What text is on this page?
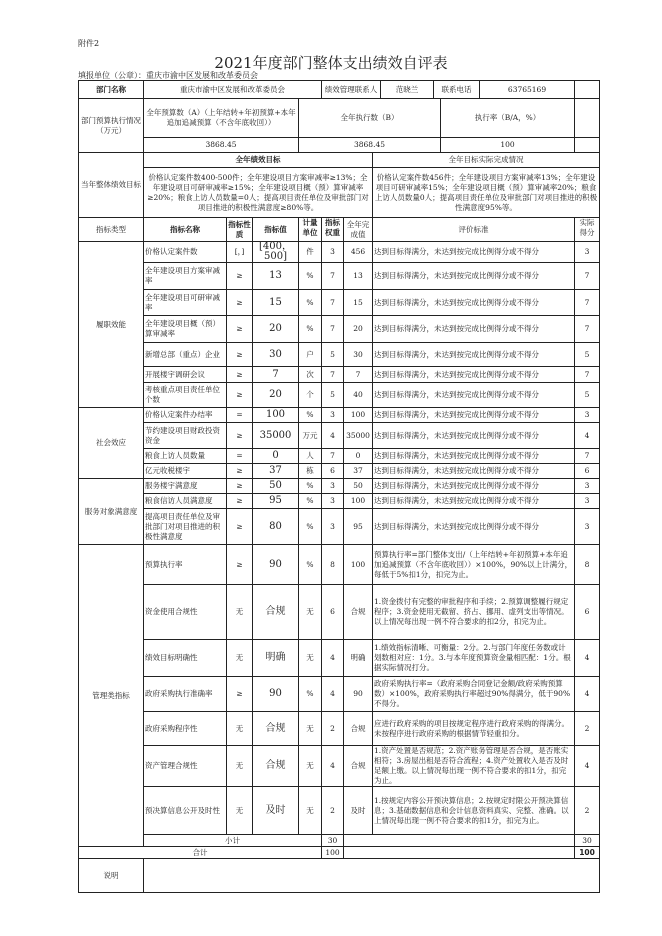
附件2
2021年度部门整体支出绩效自评表
填报单位（公章）：重庆市渝中区发展和改革委员会
部门名称	重庆市渝中区发展和改革委员会				绩效管理联系人 范晓兰 联系电话 63765169			

部门预算执行情况（万元）	全年预算数（A）（上年结转+年初预算+本年追加追减预算（不含年底收回））			全年执行数（B） 执行率（B/A，%）				

	3868.45			3868.45 100				

当年整体绩效目标	全年绩效目标						全年目标实际完成情况	
	价格认定案件数400-500件；全年建设项目方案审减率≥13%；全年建设项目可研审减率≥15%；全年建设项目概（预）算审减率≥20%；粮食上访人员数量=0人；提高项目责任单位及审批部门对项目推进的积极性满意度≥80%等。						价格认定案件数456件；全年建设项目方案审减率13%；全年建设项目可研审减率15%；全年建设项目概（预）算审减率20%；粮食上访人员数量0人；提高项目责任单位及审批部门对项目推进的积极性满意度95%等。	
指标类型	指标名称	指标性质	指标值	计量单位	指标权重	全年完成值	评价标准	实际得分
履职效能	价格认定案件数	[，]	[400，500]	件	3	456	达到目标得满分，未达到按完成比例得分或不得分	3
	全年建设项目方案审减率	≥	13	%	7	13	达到目标得满分，未达到按完成比例得分或不得分	7
	全年建设项目可研审减率	≥	15	%	7	15	达到目标得满分，未达到按完成比例得分或不得分	7
	全年建设项目概（预）算审减率	≥	20	%	7	20	达到目标得满分，未达到按完成比例得分或不得分	7
	新增总部（重点）企业	≥	30	户	5	30	达到目标得满分，未达到按完成比例得分或不得分	5
	开展楼宇调研会议	≥	7	次	7	7	达到目标得满分，未达到按完成比例得分或不得分	7
	考核重点项目责任单位个数	≥	20	个	5	40	达到目标得满分，未达到按完成比例得分或不得分	5
社会效应	价格认定案件办结率	=	100	%	3	100	达到目标得满分，未达到按完成比例得分或不得分	3
	节约建设项目财政投资资金	≥	35000	万元	4	35000	达到目标得满分，未达到按完成比例得分或不得分	4
	粮食上访人员数量	=	0	人	7	0	达到目标得满分，未达到按完成比例得分或不得分	7
	亿元收税楼宇	≥	37	栋	6	37	达到目标得满分，未达到按完成比例得分或不得分	6
服务对象满意度	服务楼宇满意度	≥	50	%	3	50	达到目标得满分，未达到按完成比例得分或不得分	3
	粮食信访人员满意度	≥	95	%	3	100	达到目标得满分，未达到按完成比例得分或不得分	3
	提高项目责任单位及审批部门对项目推进的积极性满意度	≥	80	%	3	95	达到目标得满分，未达到按完成比例得分或不得分	3
管理类指标	预算执行率	≥	90	%	8	100	预算执行率=部门整体支出/（上年结转+年初预算+本年追加追减预算（不含年底收回））×100%，90%以上计满分，每低于5%扣1分，扣完为止。	8
	资金使用合规性	无	合规	无	6	合规	1.资金拨付有完整的审批程序和手续；2.预算调整履行规定程序；3.资金使用无截留、挤占、挪用、虚列支出等情况。以上情况每出现一例不符合要求的扣2分，扣完为止。	6
	绩效目标明确性	无	明确	无	4	明确	1.绩效指标清晰、可衡量：2分。2.与部门年度任务数或计划数相对应：1分。3.与本年度预算资金量相匹配：1分。根据实际情况打分。	4
	政府采购执行准确率	≥	90	%	4	90	政府采购执行率=（政府采购合同登记金额/政府采购预算数）×100%，政府采购执行率超过90%得满分，低于90%不得分。	4
	政府采购程序性	无	合规	无	2	合规	应进行政府采购的项目按规定程序进行政府采购的得满分。未按程序进行政府采购的根据情节轻重扣分。	2
	资产管理合规性	无	合规	无	4	合规	1.资产处置是否规范；2.资产账务管理是否合规，是否账实相符；3.房屋出租是否符合流程；4.资产处置收入是否及时足额上缴。以上情况每出现一例不符合要求的扣1分，扣完为止。	4
	预决算信息公开及时性	无	及时	无	2	及时	1.按规定内容公开预决算信息；2.按规定时限公开预决算信息；3.基础数据信息和会计信息资料真实、完整、准确。以上情况每出现一例不符合要求的扣1分，扣完为止。	2
	小计				30			30
合计					100			100
说明								
